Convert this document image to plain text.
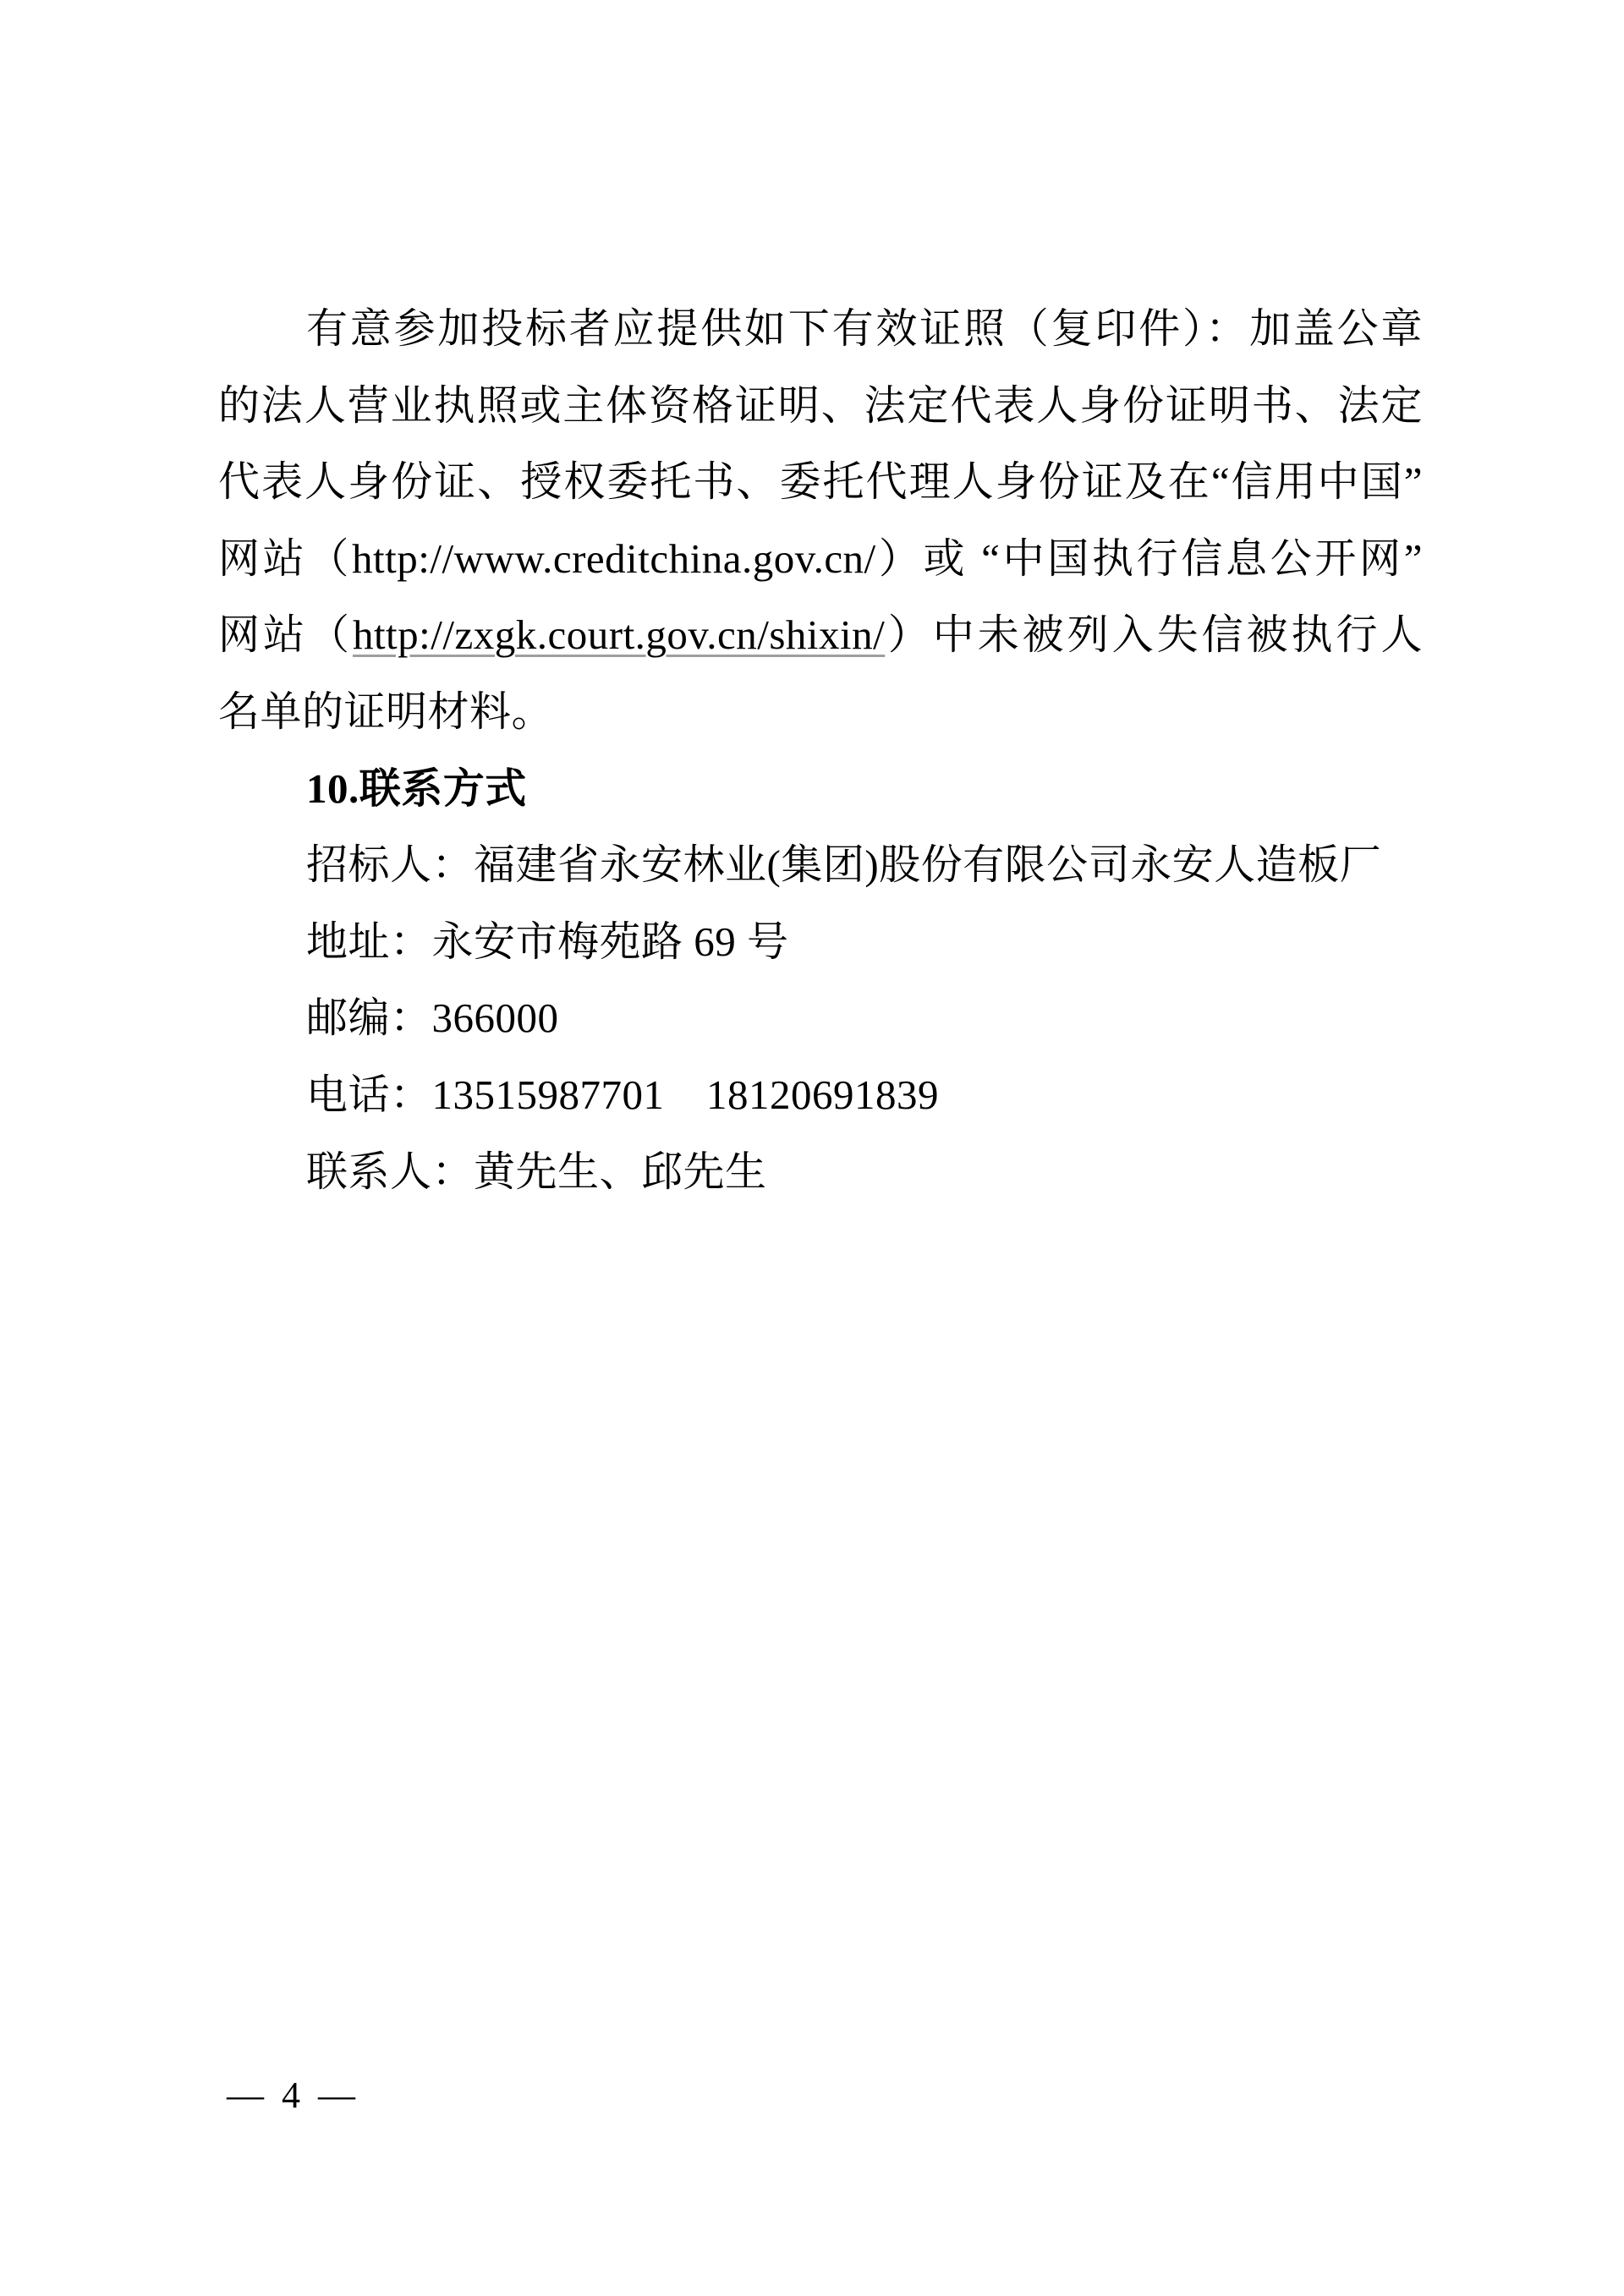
有意参加投标者应提供如下有效证照（复印件）：加盖公章
的法人营业执照或主体资格证明、法定代表人身份证明书、法定
代表人身份证、授权委托书、委托代理人身份证及在“信用中国”
网站（http://www.creditchina.gov.cn/）或 “中国执行信息公开网”
网站（http://zxgk.court.gov.cn/shixin/）中未被列入失信被执行人
名单的证明材料。
10.联系方式
招标人：福建省永安林业(集团)股份有限公司永安人造板厂
地址：永安市梅苑路 69 号
邮编：366000
电话：13515987701　18120691839
联系人：黄先生、邱先生
— 4 —
